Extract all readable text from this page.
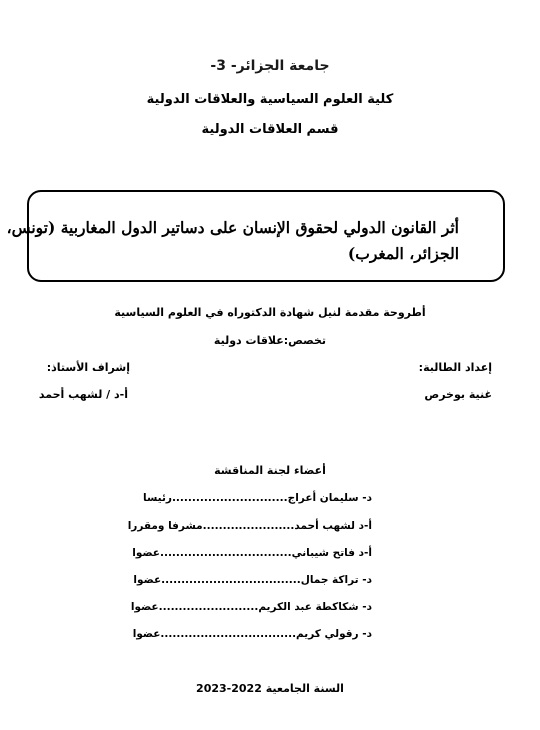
جامعة الجزائر- 3-
كلية العلوم السياسية والعلاقات الدولية
قسم العلاقات الدولية
أثر القانون الدولي لحقوق الإنسان على دساتير الدول المغاربية (تونس،
الجزائر، المغرب)
أطروحة مقدمة لنيل شهادة الدكتوراه في العلوم السياسية
تخصص:علاقات دولية
إعداد الطالبة:
غنية بوخرص
إشراف الأستاذ:
أ-د / لشهب أحمد
أعضاء لجنة المناقشة
د- سليمان أعراج.............................رئيسا
أ-د لشهب أحمد.......................مشرفا ومقررا
أ-د فاتح شيباني.................................عضوا
د- تراكة جمال...................................عضوا
د- شكاكطة عبد الكريم.........................عضوا
د- رقولي كريم..................................عضوا
السنة الجامعية 2022-2023
